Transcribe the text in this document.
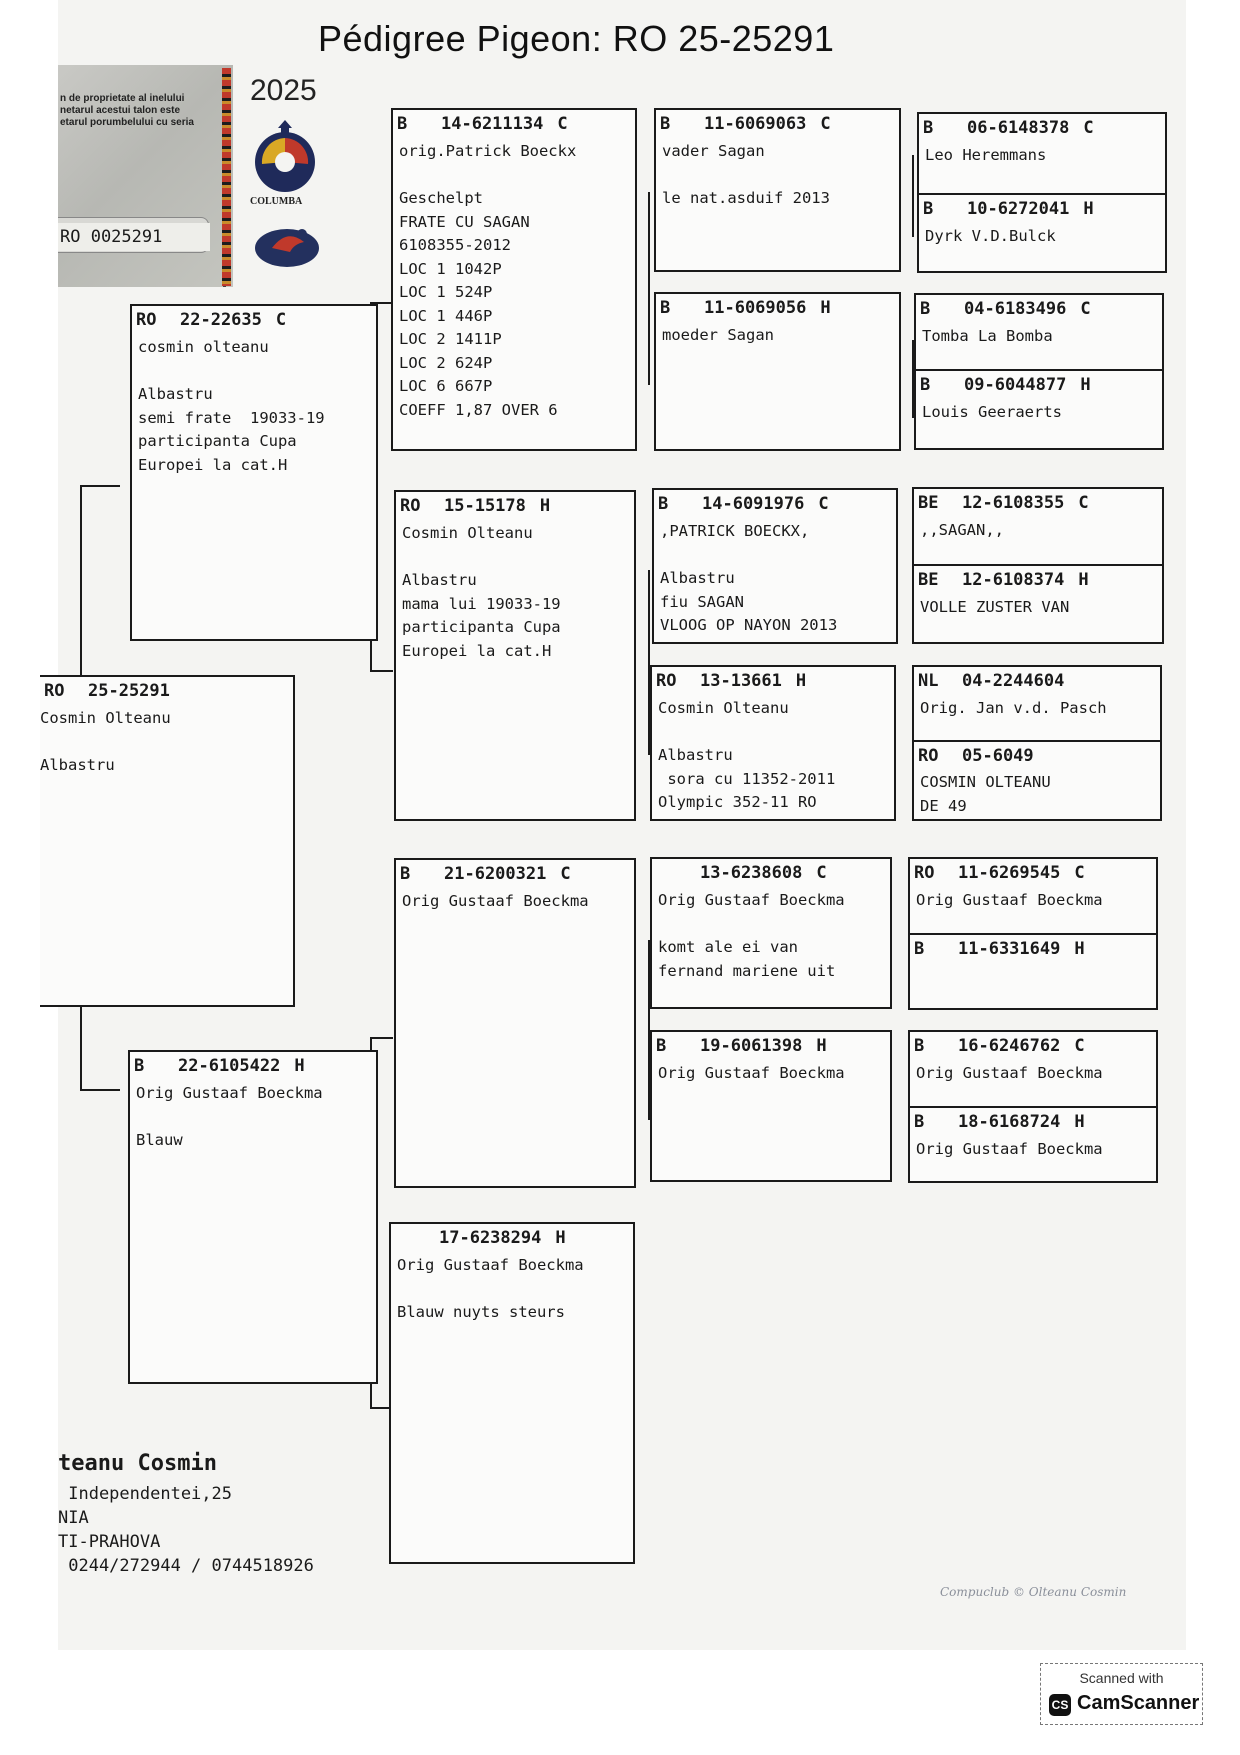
Pédigree Pigeon: RO 25-25291
n de proprietate al inelului
netarul acestui talon este
etarul porumbelului cu seria
RO 0025291
2025
COLUMBA
RO	25-25291
Cosmin Olteanu
Albastru
RO	22-22635 C
cosmin olteanu
Albastru
semi frate  19033-19
participanta Cupa
Europei la cat.H
B	22-6105422 H
Orig Gustaaf Boeckma
Blauw
B	14-6211134 C
orig.Patrick Boeckx
Geschelpt
FRATE CU SAGAN
6108355-2012
LOC 1 1042P
LOC 1 524P
LOC 1 446P
LOC 2 1411P
LOC 2 624P
LOC 6 667P
COEFF 1,87 OVER 6
RO	15-15178 H
Cosmin Olteanu
Albastru
mama lui 19033-19
participanta Cupa
Europei la cat.H
B	21-6200321 C
Orig Gustaaf Boeckma
17-6238294 H
Orig Gustaaf Boeckma
Blauw nuyts steurs
B	11-6069063 C
vader Sagan
le nat.asduif 2013
B	11-6069056 H
moeder Sagan
B	14-6091976 C
,PATRICK BOECKX,
Albastru
fiu SAGAN
VLOOG OP NAYON 2013
RO	13-13661 H
Cosmin Olteanu
Albastru
sora cu 11352-2011
Olympic 352-11 RO
13-6238608 C
Orig Gustaaf Boeckma
komt ale ei van
fernand mariene uit
B	19-6061398 H
Orig Gustaaf Boeckma
B	06-6148378 C
Leo Heremmans
B	10-6272041 H
Dyrk V.D.Bulck
B	04-6183496 C
Tomba La Bomba
B	09-6044877 H
Louis Geeraerts
BE	12-6108355 C
,,SAGAN,,
BE	12-6108374 H
VOLLE ZUSTER VAN
NL	04-2244604
Orig. Jan v.d. Pasch
RO	05-6049
COSMIN OLTEANU
DE 49
RO	11-6269545 C
Orig Gustaaf Boeckma
B	11-6331649 H
B	16-6246762 C
Orig Gustaaf Boeckma
B	18-6168724 H
Orig Gustaaf Boeckma
teanu Cosmin
Independentei,25
NIA
TI-PRAHOVA
0244/272944 / 0744518926
Compuclub © Olteanu Cosmin
Scanned with
CS CamScanner
